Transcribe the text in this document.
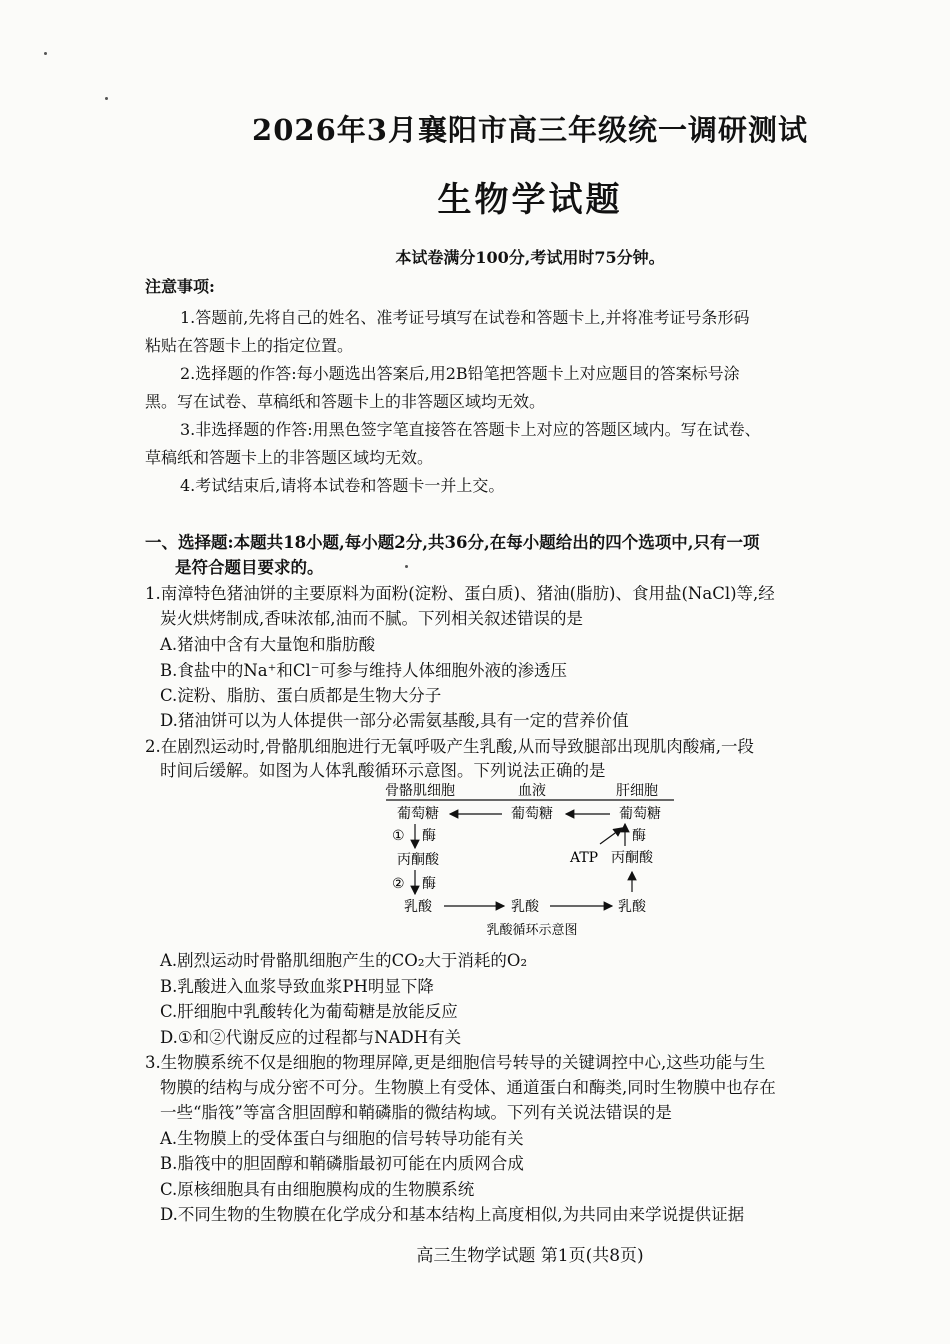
2026年3月襄阳市高三年级统一调研测试
生物学试题
本试卷满分100分,考试用时75分钟。
注意事项:
1.答题前,先将自己的姓名、准考证号填写在试卷和答题卡上,并将准考证号条形码
粘贴在答题卡上的指定位置。
2.选择题的作答:每小题选出答案后,用2B铅笔把答题卡上对应题目的答案标号涂
黑。写在试卷、草稿纸和答题卡上的非答题区域均无效。
3.非选择题的作答:用黑色签字笔直接答在答题卡上对应的答题区域内。写在试卷、
草稿纸和答题卡上的非答题区域均无效。
4.考试结束后,请将本试卷和答题卡一并上交。
一、选择题:本题共18小题,每小题2分,共36分,在每小题给出的四个选项中,只有一项
是符合题目要求的。
1.南漳特色猪油饼的主要原料为面粉(淀粉、蛋白质)、猪油(脂肪)、食用盐(NaCl)等,经
炭火烘烤制成,香味浓郁,油而不腻。下列相关叙述错误的是
A.猪油中含有大量饱和脂肪酸
B.食盐中的Na⁺和Cl⁻可参与维持人体细胞外液的渗透压
C.淀粉、脂肪、蛋白质都是生物大分子
D.猪油饼可以为人体提供一部分必需氨基酸,具有一定的营养价值
2.在剧烈运动时,骨骼肌细胞进行无氧呼吸产生乳酸,从而导致腿部出现肌肉酸痛,一段
时间后缓解。如图为人体乳酸循环示意图。下列说法正确的是
骨骼肌细胞	血液	肝细胞
葡萄糖	葡萄糖	葡萄糖
① 酶
丙酮酸
② 酶
乳酸	乳酸	乳酸
丙酮酸
ATP
酶
乳酸循环示意图
A.剧烈运动时骨骼肌细胞产生的CO₂大于消耗的O₂
B.乳酸进入血浆导致血浆PH明显下降
C.肝细胞中乳酸转化为葡萄糖是放能反应
D.①和②代谢反应的过程都与NADH有关
3.生物膜系统不仅是细胞的物理屏障,更是细胞信号转导的关键调控中心,这些功能与生
物膜的结构与成分密不可分。生物膜上有受体、通道蛋白和酶类,同时生物膜中也存在
一些“脂筏”等富含胆固醇和鞘磷脂的微结构域。下列有关说法错误的是
A.生物膜上的受体蛋白与细胞的信号转导功能有关
B.脂筏中的胆固醇和鞘磷脂最初可能在内质网合成
C.原核细胞具有由细胞膜构成的生物膜系统
D.不同生物的生物膜在化学成分和基本结构上高度相似,为共同由来学说提供证据
高三生物学试题 第1页(共8页)
